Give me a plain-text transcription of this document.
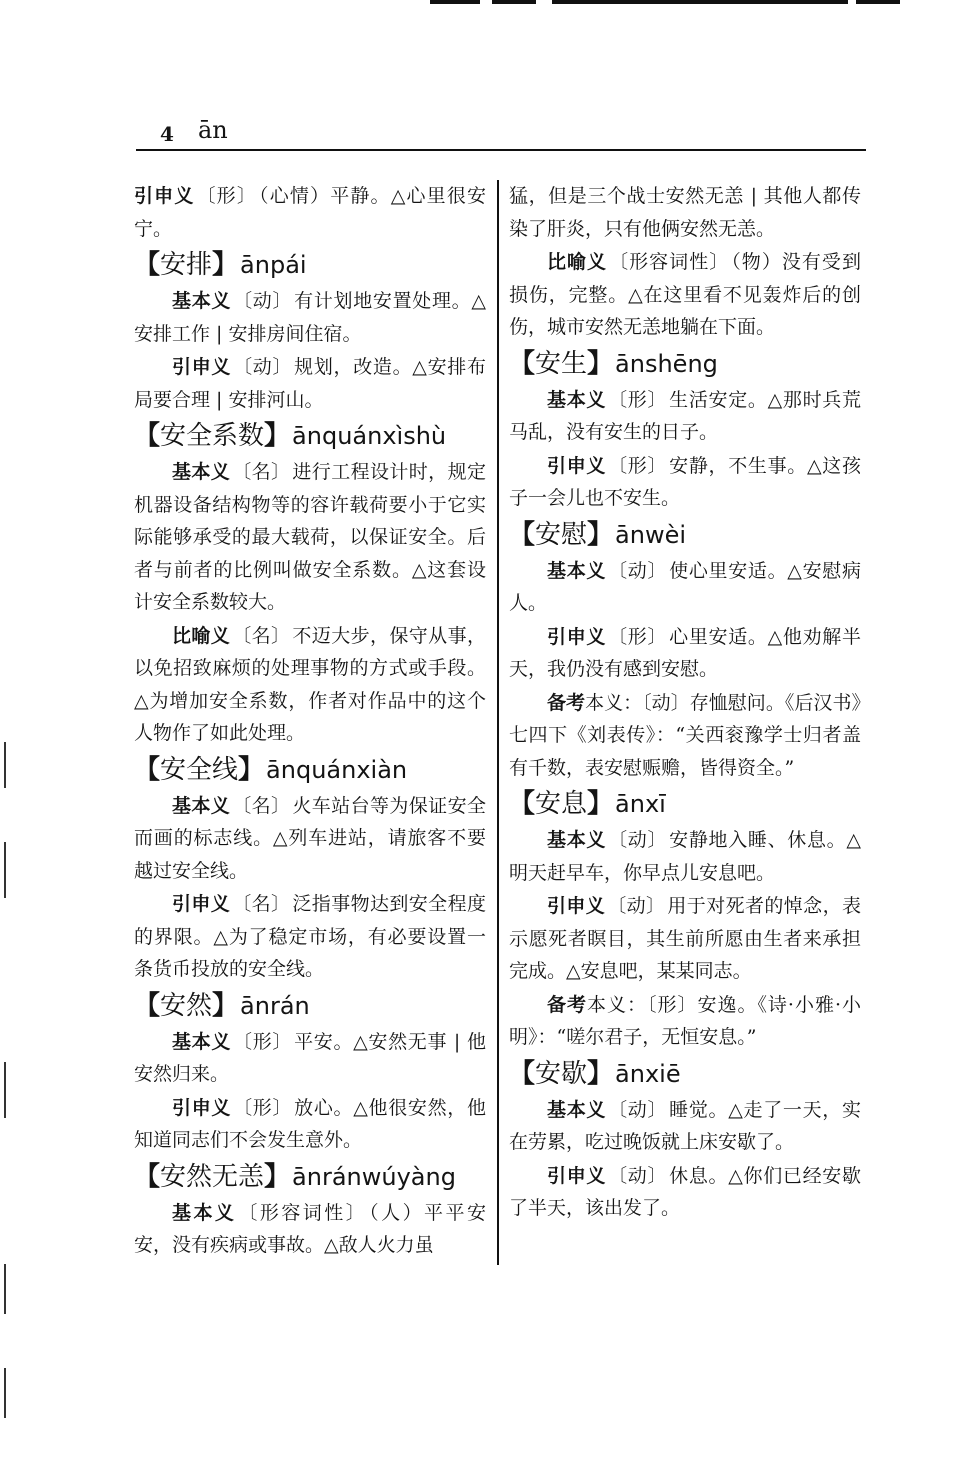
4 ān
引申义 〔形〕 （心情）平静。△心里很安宁。
【安排】ānpái
基本义 〔动〕 有计划地安置处理。△安排工作 | 安排房间住宿。
引申义 〔动〕 规划，改造。△安排布局要合理 | 安排河山。
【安全系数】ānquánxìshù
基本义 〔名〕 进行工程设计时，规定机器设备结构物等的容许载荷要小于它实际能够承受的最大载荷，以保证安全。后者与前者的比例叫做安全系数。△这套设计安全系数较大。
比喻义 〔名〕 不迈大步，保守从事，以免招致麻烦的处理事物的方式或手段。△为增加安全系数，作者对作品中的这个人物作了如此处理。
【安全线】ānquánxiàn
基本义 〔名〕 火车站台等为保证安全而画的标志线。△列车进站，请旅客不要越过安全线。
引申义 〔名〕 泛指事物达到安全程度的界限。△为了稳定市场，有必要设置一条货币投放的安全线。
【安然】ānrán
基本义 〔形〕 平安。△安然无事 | 他安然归来。
引申义 〔形〕 放心。△他很安然，他知道同志们不会发生意外。
【安然无恙】ānránwúyàng
基本义 〔形容词性〕 （人）平平安安，没有疾病或事故。△敌人火力虽
猛，但是三个战士安然无恙 | 其他人都传染了肝炎，只有他俩安然无恙。
比喻义 〔形容词性〕 （物）没有受到损伤，完整。△在这里看不见轰炸后的创伤，城市安然无恙地躺在下面。
【安生】ānshēng
基本义 〔形〕 生活安定。△那时兵荒马乱，没有安生的日子。
引申义 〔形〕 安静，不生事。△这孩子一会儿也不安生。
【安慰】ānwèi
基本义 〔动〕 使心里安适。△安慰病人。
引申义 〔形〕 心里安适。△他劝解半天，我仍没有感到安慰。
备考本义：〔动〕存恤慰问。《后汉书》七四下《刘表传》：“关西衮豫学士归者盖有千数，表安慰赈赡，皆得资全。”
【安息】ānxī
基本义 〔动〕 安静地入睡、休息。△明天赶早车，你早点儿安息吧。
引申义 〔动〕 用于对死者的悼念，表示愿死者瞑目，其生前所愿由生者来承担完成。△安息吧，某某同志。
备考本义：〔形〕安逸。《诗·小雅·小明》：“嗟尔君子，无恒安息。”
【安歇】ānxiē
基本义 〔动〕 睡觉。△走了一天，实在劳累，吃过晚饭就上床安歇了。
引申义 〔动〕 休息。△你们已经安歇了半天，该出发了。
